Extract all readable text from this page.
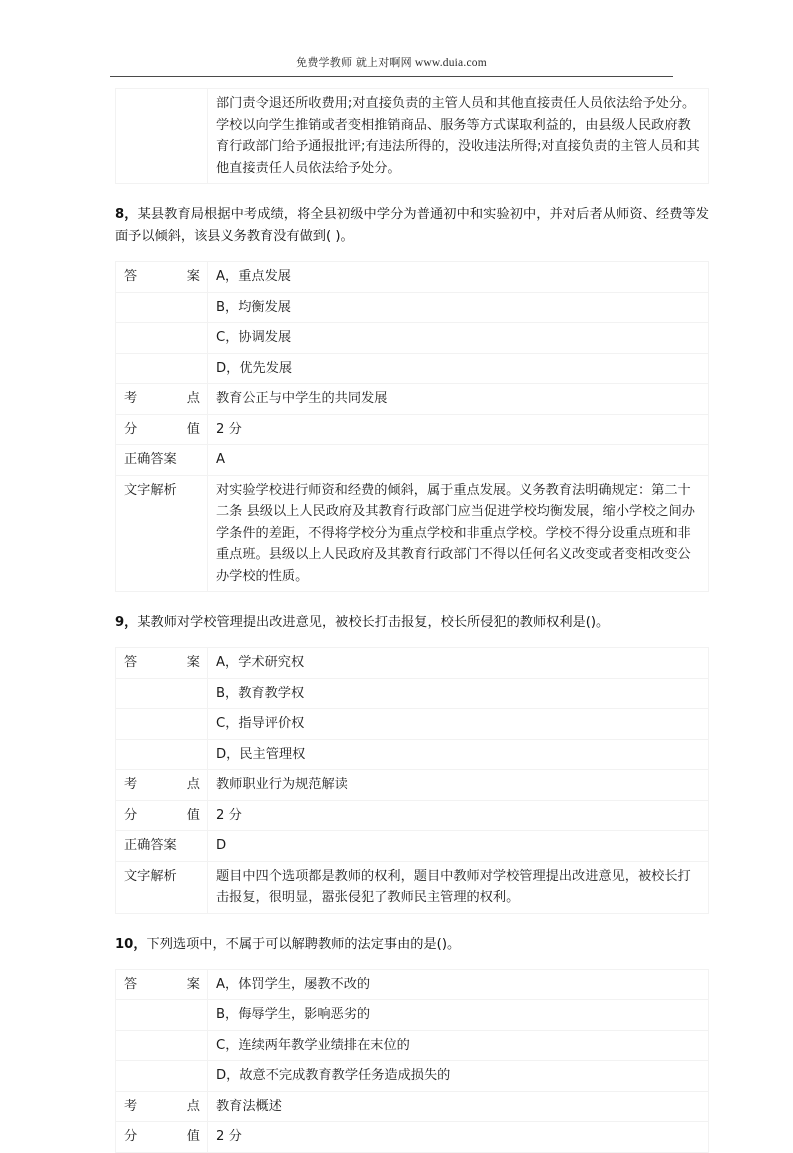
免费学教师 就上对啊网 www.duia.com
	部门责令退还所收费用;对直接负责的主管人员和其他直接责任人员依法给予处分。学校以向学生推销或者变相推销商品、服务等方式谋取利益的，由县级人民政府教育行政部门给予通报批评;有违法所得的，没收违法所得;对直接负责的主管人员和其他直接责任人员依法给予处分。
8，某县教育局根据中考成绩，将全县初级中学分为普通初中和实验初中，并对后者从师资、经费等发面予以倾斜，该县义务教育没有做到( )。
答案	A，重点发展
	B，均衡发展
	C，协调发展
	D，优先发展
考点	教育公正与中学生的共同发展
分值	2 分
正确答案	A
文字解析	对实验学校进行师资和经费的倾斜，属于重点发展。义务教育法明确规定：第二十二条 县级以上人民政府及其教育行政部门应当促进学校均衡发展，缩小学校之间办学条件的差距，不得将学校分为重点学校和非重点学校。学校不得分设重点班和非重点班。县级以上人民政府及其教育行政部门不得以任何名义改变或者变相改变公办学校的性质。
9，某教师对学校管理提出改进意见，被校长打击报复，校长所侵犯的教师权利是()。
答案	A，学术研究权
	B，教育教学权
	C，指导评价权
	D，民主管理权
考点	教师职业行为规范解读
分值	2 分
正确答案	D
文字解析	题目中四个选项都是教师的权利，题目中教师对学校管理提出改进意见，被校长打击报复，很明显，嚣张侵犯了教师民主管理的权利。
10，下列选项中，不属于可以解聘教师的法定事由的是()。
答案	A，体罚学生，屡教不改的
	B，侮辱学生，影响恶劣的
	C，连续两年教学业绩排在末位的
	D，故意不完成教育教学任务造成损失的
考点	教育法概述
分值	2 分
